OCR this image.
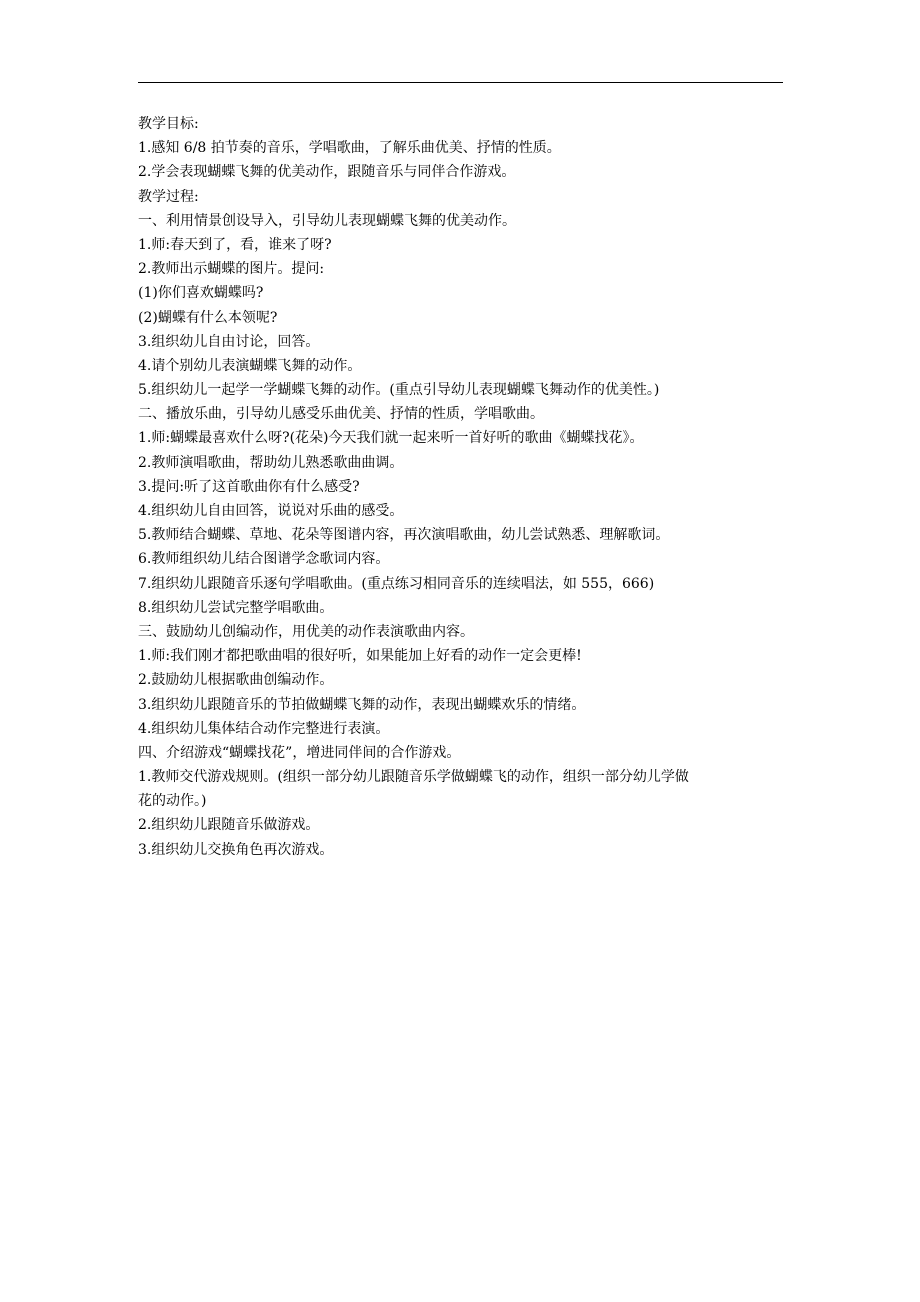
教学目标:
1.感知 6/8 拍节奏的音乐，学唱歌曲，了解乐曲优美、抒情的性质。
2.学会表现蝴蝶飞舞的优美动作，跟随音乐与同伴合作游戏。
教学过程:
一、利用情景创设导入，引导幼儿表现蝴蝶飞舞的优美动作。
1.师:春天到了，看，谁来了呀?
2.教师出示蝴蝶的图片。提问:
(1)你们喜欢蝴蝶吗?
(2)蝴蝶有什么本领呢?
3.组织幼儿自由讨论，回答。
4.请个别幼儿表演蝴蝶飞舞的动作。
5.组织幼儿一起学一学蝴蝶飞舞的动作。(重点引导幼儿表现蝴蝶飞舞动作的优美性。)
二、播放乐曲，引导幼儿感受乐曲优美、抒情的性质，学唱歌曲。
1.师:蝴蝶最喜欢什么呀?(花朵)今天我们就一起来听一首好听的歌曲《蝴蝶找花》。
2.教师演唱歌曲，帮助幼儿熟悉歌曲曲调。
3.提问:听了这首歌曲你有什么感受?
4.组织幼儿自由回答，说说对乐曲的感受。
5.教师结合蝴蝶、草地、花朵等图谱内容，再次演唱歌曲，幼儿尝试熟悉、理解歌词。
6.教师组织幼儿结合图谱学念歌词内容。
7.组织幼儿跟随音乐逐句学唱歌曲。(重点练习相同音乐的连续唱法，如 555，666)
8.组织幼儿尝试完整学唱歌曲。
三、鼓励幼儿创编动作，用优美的动作表演歌曲内容。
1.师:我们刚才都把歌曲唱的很好听，如果能加上好看的动作一定会更棒!
2.鼓励幼儿根据歌曲创编动作。
3.组织幼儿跟随音乐的节拍做蝴蝶飞舞的动作，表现出蝴蝶欢乐的情绪。
4.组织幼儿集体结合动作完整进行表演。
四、介绍游戏“蝴蝶找花”，增进同伴间的合作游戏。
1.教师交代游戏规则。(组织一部分幼儿跟随音乐学做蝴蝶飞的动作，组织一部分幼儿学做
花的动作。)
2.组织幼儿跟随音乐做游戏。
3.组织幼儿交换角色再次游戏。
